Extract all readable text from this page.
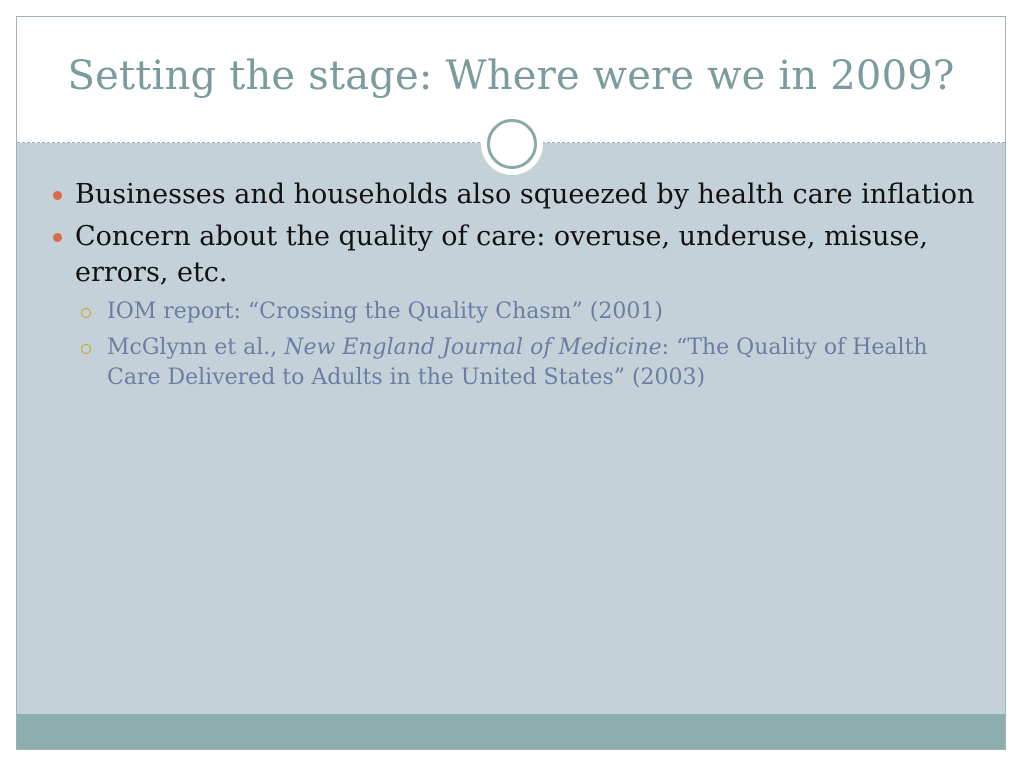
Setting the stage: Where were we in 2009?
Businesses and households also squeezed by health care inflation
Concern about the quality of care: overuse, underuse, misuse, errors, etc.
IOM report: “Crossing the Quality Chasm” (2001)
McGlynn et al., New England Journal of Medicine: “The Quality of Health Care Delivered to Adults in the United States” (2003)
